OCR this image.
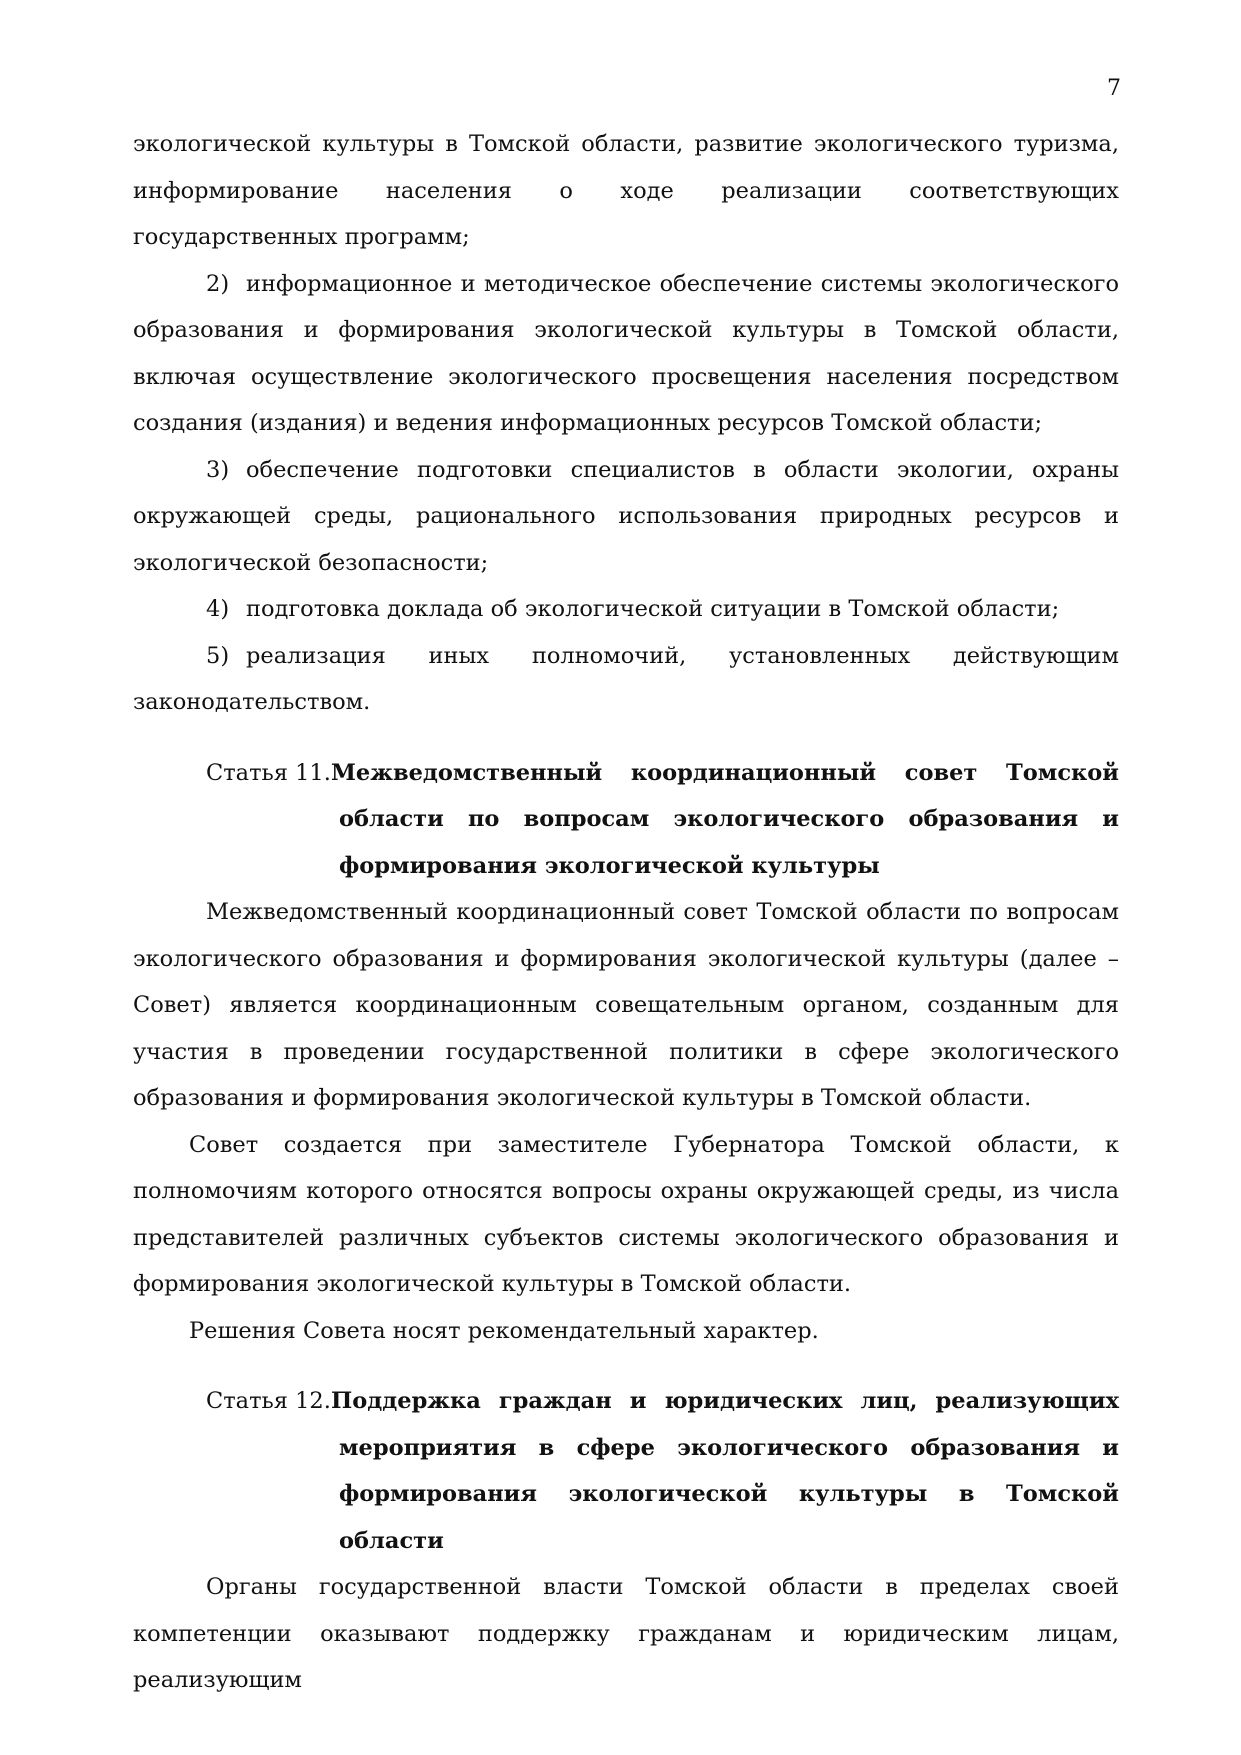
7

экологической культуры в Томской области, развитие экологического туризма, информирование населения о ходе реализации соответствующих государственных программ;

2) информационное и методическое обеспечение системы экологического образования и формирования экологической культуры в Томской области, включая осуществление экологического просвещения населения посредством создания (издания) и ведения информационных ресурсов Томской области;

3) обеспечение подготовки специалистов в области экологии, охраны окружающей среды, рационального использования природных ресурсов и экологической безопасности;

4) подготовка доклада об экологической ситуации в Томской области;

5) реализация иных полномочий, установленных действующим законодательством.

Статья 11. Межведомственный координационный совет Томской области по вопросам экологического образования и формирования экологической культуры

Межведомственный координационный совет Томской области по вопросам экологического образования и формирования экологической культуры (далее – Совет) является координационным совещательным органом, созданным для участия в проведении государственной политики в сфере экологического образования и формирования экологической культуры в Томской области.

Совет создается при заместителе Губернатора Томской области, к полномочиям которого относятся вопросы охраны окружающей среды, из числа представителей различных субъектов системы экологического образования и формирования экологической культуры в Томской области.

Решения Совета носят рекомендательный характер.

Статья 12. Поддержка граждан и юридических лиц, реализующих мероприятия в сфере экологического образования и формирования экологической культуры в Томской области

Органы государственной власти Томской области в пределах своей компетенции оказывают поддержку гражданам и юридическим лицам, реализующим
